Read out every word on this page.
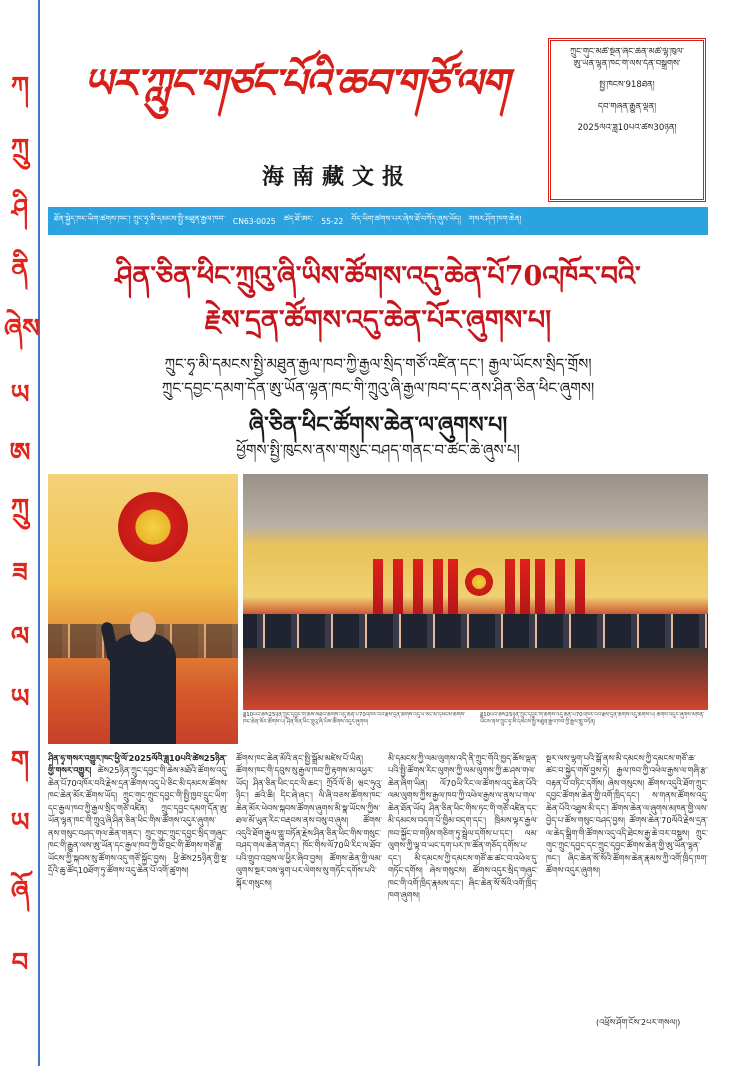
ཀ
ཀྲུ
ཤི
ནི
ཞེས
ཡ
ཨ
ཀྲུ
ཟ
ལ
ཡ
ག
ཡ
ཞོ
བ
ཡར་ཀླུང་གཙང་པོའི་ཆབ་གཙོ་ལག
海南藏文报
ཀྲུང་གུང་མཚོ་སྔོན་ཞིང་ཆེན་མཚོ་ལྷོ་ཁུལ་
ཨུ་ཡོན་ལྷན་ཁང་གི་ལས་དོན་བསྒྲགས་
སྤྱི་ཁོངས་918ཐོན།
དེབ་གཞན་རྒྱུན་ལྡན།
2025ལོའི་ཟླ10པའི་ཚེས30ཉིན།
ཐོན་སྐྱེད་ཁང་ཡིག་ཚགས་ཁང་། ཀྲུང་ཧྭ་མི་དམངས་སྤྱི་མཐུན་རྒྱལ་ཁབ་ CN63-0025 ཚད་ཐོ་ཨང་ 55-22 བོད་ཡིག་ཚགས་པར་ཞེས་ཐོ་བཀོད་ཞུས་ཡོད། གསར་ཤོག་ཁག་ཆེན།
ཤིན་ཅིན་ཕིང་ཀྲུའུ་ཞི་ཡིས་ཚོགས་འདུ་ཆེན་པོ70འཁོར་བའི་
རྗེས་དྲན་ཚོགས་འདུ་ཆེན་པོར་ཞུགས་པ།
ཀྲུང་ཧྭ་མི་དམངས་སྤྱི་མཐུན་རྒྱལ་ཁབ་ཀྱི་རྒྱལ་སྲིད་གཙོ་འཛིན་དང་། རྒྱལ་ཡོངས་སྲིད་གྲོས།
ཀྲུང་དབྱང་དམག་དོན་ཨུ་ཡོན་ལྷན་ཁང་གི་ཀྲུའུ་ཞི་རྒྱལ་ཁབ་དང་ནས་ཤིན་ཅིན་ཕིང་ཞུགས།
ཞི་ཅིན་ཕིང་ཚོགས་ཆེན་ལ་ཞུགས་པ།
ཕྱོགས་སྤྱི་ཁུངས་ནས་གསུང་བཤད་གནང་བ་ཚང་ཆེ་ཞུས་པ།
ཟླ10པའི་ཚེས25ཉིན་ཀྲུང་དབྱང་གི་ཆེས་མཐོའི་ཚོགས་འདུ་ཆེན་པོ70འཁོར་བའི་རྗེས་དྲན་ཚོགས་འདུ་པེ་ཅིང་མི་དམངས་ཚོགས་ཁང་ཆེན་མོར་ཚོགས་པ། ཤིན་ཅིན་ཕིང་ཀྲུའུ་ཞི་ཡིས་ཚོགས་འདུར་ཞུགས།
ཟླ10པའི་ཚེས25ཉིན་ཀྲུང་དབྱང་གི་ཚོགས་འདུ་ཆེན་པོ70འཁོར་བའི་རྗེས་དྲན་ཚོགས་འདུ་ཚོགས་པ། ཚོགས་འདུར་ཞུགས་མཁན་ཡོངས་ནས་ཀྲུང་ཧྭ་མི་དམངས་སྤྱི་མཐུན་རྒྱལ་ཁབ་ཀྱི་རྒྱལ་གླུ་བཏོན།
ཤིན་ཧྭ་གསར་འགྱུར་ཁང་ཕྱི་ལོ་2025ལོའི་ཟླ10པའི་ཚེས25ཉིན་གྱི་གསར་འགྱུར། ཚེས25ཉིན་ཀྲུང་དབྱང་གི་ཆེས་མཐོའི་ཚོགས་འདུ་ཆེན་པོ70འཁོར་བའི་རྗེས་དྲན་ཚོགས་འདུ་པེ་ཅིང་མི་དམངས་ཚོགས་ཁང་ཆེན་མོར་ཚོགས་ཡོད། ཀྲུང་གུང་ཀྲུང་དབྱང་གི་སྤྱི་ཁྱབ་དྲུང་ཡིག་དང་རྒྱལ་ཁབ་ཀྱི་རྒྱལ་སྲིད་གཙོ་འཛིན། ཀྲུང་དབྱང་དམག་དོན་ཨུ་ཡོན་ལྷན་ཁང་གི་ཀྲུའུ་ཞི་ཤིན་ཅིན་ཕིང་གིས་ཚོགས་འདུར་ཞུགས་ནས་གསུང་བཤད་གལ་ཆེན་གནང་། ཀྲུང་གུང་ཀྲུང་དབྱང་སྲིད་གཞུང་ཁང་གི་རྒྱུན་ལས་ཨུ་ཡོན་དང་རྒྱལ་ཁབ་ཀྱི་ཕོ་བྲང་གི་ཚོགས་གཙོ་ཟླ་ཡོངས་ཀྱི་སྐབས་སུ་ཚོགས་འདུ་གཙོ་སྐྱོང་བྱས། ཕྱི་ཚེས25ཉིན་གྱི་སྔ་དྲོའི་ཆུ་ཚོད10ཐོག་ཏུ་ཚོགས་འདུ་ཆེན་པོ་འགོ་ཚུགས།
ཚོགས་ཁང་ཆེན་མོའི་ནང་སྤྱི་སྒྲོམ་མཛེས་པོ་ཡིན། ཚོགས་ཁང་གི་དབུས་སུ་རྒྱལ་ཁབ་ཀྱི་རྟགས་མ་འཕྱར་ཡོད། ཤིན་ཅིན་ཕིང་དང་ལི་ཆང་། ཀྲོའོ་ལོ་ཅི། ཝང་ཧུའུ་ཉིང་། ཚའེ་ཆི། དིང་ཞེ་ཞང་། ལི་ཞི་བཅས་ཚོགས་ཁང་ཆེན་མོར་ཕེབས་སྐབས་ཚོགས་ཞུགས་མི་སྣ་ཡོངས་ཀྱིས་ཐལ་མོ་ཡུན་རིང་བརྡབས་ནས་བསུ་བ་ཞུས། ཚོགས་འདུའི་ཐོག་རྒྱལ་གླུ་བཏོན་རྗེས་ཤིན་ཅིན་ཕིང་གིས་གསུང་བཤད་གལ་ཆེན་གནང་། ཁོང་གིས་ལོ70ཡི་རིང་ལ་ཐོབ་པའི་གྲུབ་འབྲས་ལ་ཕྱིར་ཞིབ་བྱས། ཚོགས་ཆེན་གྱི་ལམ་ལུགས་སྔར་བས་ལྷག་པར་ལེགས་སུ་གཏོང་དགོས་པའི་སྐོར་གསུངས།
མི་དམངས་ཀྱི་ལམ་ལུགས་འདི་ནི་ཀྲུང་གོའི་ཁྱད་ཆོས་ལྡན་པའི་སྤྱི་ཚོགས་རིང་ལུགས་ཀྱི་ལམ་ལུགས་ཀྱི་ཆ་ཤས་གལ་ཆེན་ཞིག་ཡིན། ལོ70ཡི་རིང་ལ་ཚོགས་འདུ་ཆེན་པོའི་ལམ་ལུགས་ཀྱིས་རྒྱལ་ཁབ་ཀྱི་འཕེལ་རྒྱས་ལ་ནུས་པ་གལ་ཆེན་ཐོན་ཡོད། ཤིན་ཅིན་ཕིང་གིས་ཏང་གི་གཙོ་འཛིན་དང་མི་དམངས་བདག་པོ་ཁྱིམ་བདག་དང་། ཁྲིམས་ལྟར་རྒྱལ་ཁབ་སྐྱོང་བ་གཉིས་གཅིག་ཏུ་སྦྲེལ་དགོས་པ་དང་། ལམ་ལུགས་ཀྱི་ལྟ་བ་ཡང་དག་པར་ཁ་ཚོན་གཅོད་དགོས་པ་དང་། མི་དམངས་ཀྱི་དམངས་གཙོ་ཆ་ཚང་བ་འཕེལ་དུ་གཏོང་དགོས། ཞེས་གསུངས། ཚོགས་འདུར་སྲིད་གཞུང་ཁང་གི་འགོ་ཁྲིད་རྣམས་དང་། ཞིང་ཆེན་སོ་སོའི་འགོ་ཁྲིད་ཁག་ཞུགས།
སྔར་ལས་ལྷག་པའི་སྒོ་ནས་མི་དམངས་ཀྱི་དམངས་གཙོ་ཆ་ཚང་བ་སྐྱེད་གསོ་བྱས་ཏེ། རྒྱལ་ཁབ་ཀྱི་འཕེལ་རྒྱས་ལ་གཞི་རྩ་བརྟན་པོ་བཏིང་དགོས། ཞེས་གསུངས། ཚོགས་འདུའི་ཐོག་ཀྲུང་དབྱང་ཚོགས་ཆེན་གྱི་འགོ་ཁྲིད་དང་། ས་གནས་ཚོགས་འདུ་ཆེན་པོའི་འཐུས་མི་དང་། ཚོགས་ཆེན་ལ་ཞུགས་མཁན་གྱི་ལས་བྱེད་པ་ཚོས་གསུང་བཤད་བྱས། ཚོགས་ཆེན་70ལོའི་རྗེས་དྲན་ལ་ཆེད་སྒྲིག་གི་ཚོགས་འདུ་འདི་ཐེངས་རྒྱ་ཆེ་བར་བསྡུས། ཀྲུང་གུང་ཀྲུང་དབྱང་དང་ཀྲུང་དབྱང་ཚོགས་ཆེན་གྱི་ཨུ་ཡོན་ལྷན་ཁང་། ཞིང་ཆེན་སོ་སོའི་ཚོགས་ཆེན་རྣམས་ཀྱི་འགོ་ཁྲིད་ཁག་ཚོགས་འདུར་ཞུགས།
(འཕྲོས་ཤོག་ངོས་2པར་གསལ།)
